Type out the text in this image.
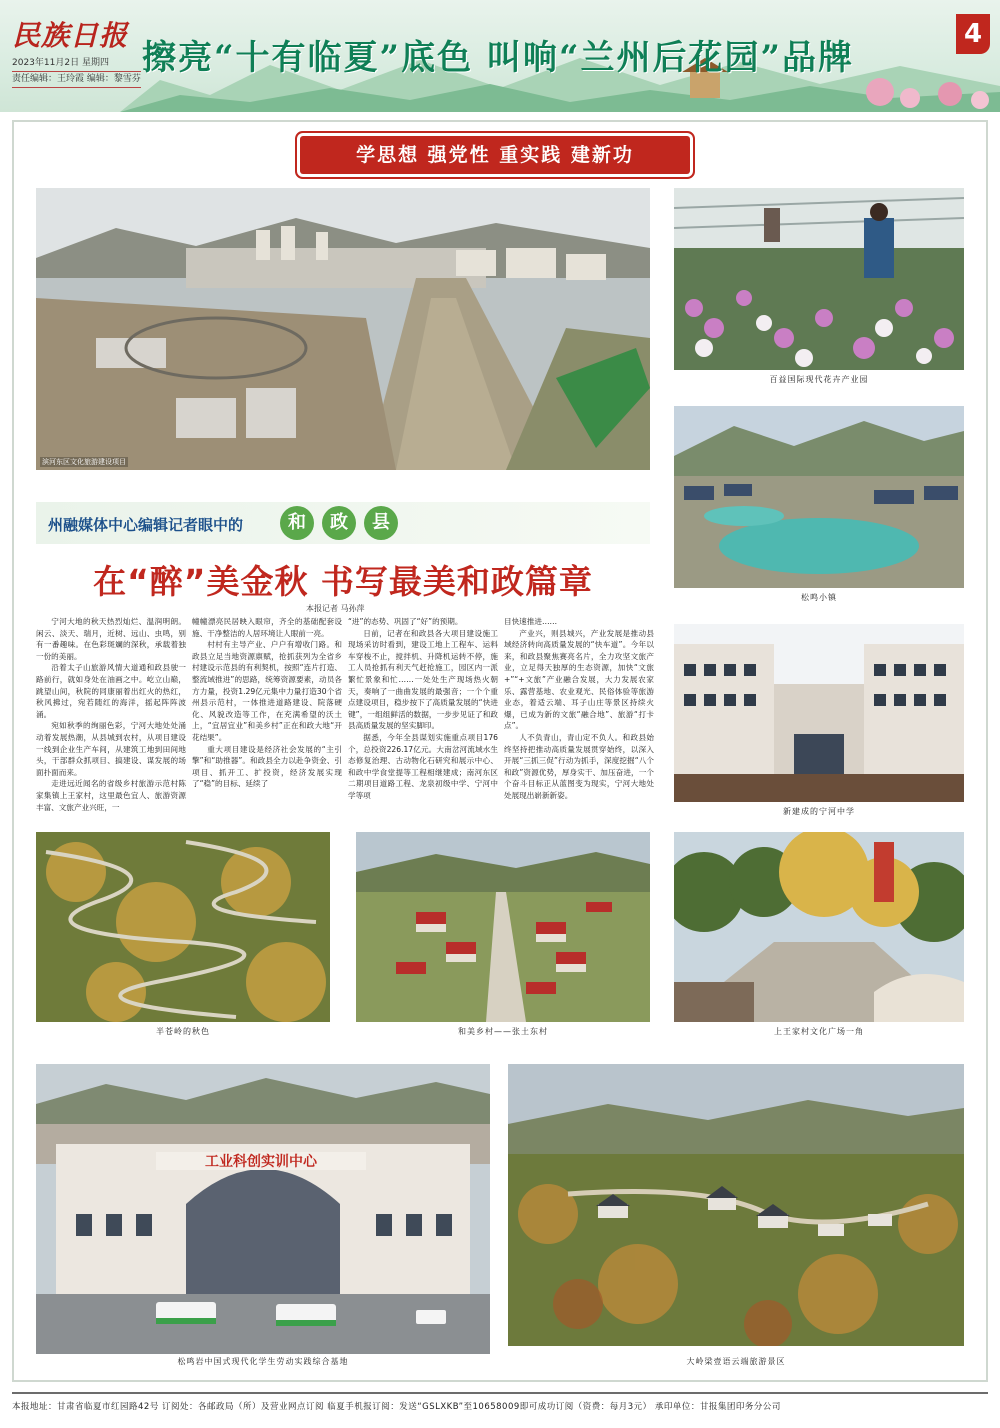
民族日报
2023年11月2日 星期四
责任编辑：王玲霞 编辑：黎雪芬
擦亮“十有临夏”底色 叫响“兰州后花园”品牌
4
学思想 强党性 重实践 建新功
滨河东区文化旅游建设项目
百益国际现代花卉产业园
松鸣小镇
新建成的宁河中学
州融媒体中心编辑记者眼中的	和	政	县
在“醉”美金秋 书写最美和政篇章
本报记者 马孙萍

宁河大地的秋天热烈灿烂、温润明朗。闲云、淡天、瑞月，近树、远山、虫鸣，别有一番趣味。在色彩斑斓的深秋，承载着独一份的美丽。

沿着太子山旅游风情大道通和政县驶一路前行，就如身处在油画之中。屹立山巅，跳望山间，秋院的同康丽着出红火的热红，秋风拂过，宛若随红的海洋，摇起阵阵波涌。

宛如秋季的绚丽色彩，宁河大地处处涌动着发展热潮，从县城到农村，从项目建设一线到企业生产车间，从建筑工地到田间地头，干部群众抓项目、搞建设、谋发展的场面扑面而来。

走进远近闻名的省级乡村旅游示范村陈家集镇上王家村，这里最色宜人、旅游资源丰富、文旅产业兴旺，一

幢幢漂亮民居映入眼帘，齐全的基础配套设施、干净整洁的人居环境让人眼前一亮。

村村有主导产业、户户有增收门路。和政县立足当地资源禀赋，抢抓获列为全省乡村建设示范县的有利契机，按照“连片打造、整流域推进”的思路，统筹资源要素，动员各方力量，投资1.29亿元集中力量打造30个省州县示范村，一体推进道路建设、院落硬化、风貌改造等工作，在充满希望的沃土上，“宜居宜业”和美乡村”正在和政大地“开花结果”。

重大项目建设是经济社会发展的“主引擎”和“助推器”。和政县全力以赴争资金、引项目、抓开工、扩投资，经济发展实现了“稳”的目标、延续了

“进”的态势、巩固了“好”的预期。

日前，记者在和政县各大项目建设施工现场采访时看到，建设工地上工程车、运料车穿梭不止，搅拌机、升降机运转不停，施工人员抢抓有利天气赶抢施工，园区内一派繁忙景象和忙……一处处生产现场热火朝天，奏响了一曲曲发展的最强音；一个个重点建设项目，稳步按下了高质量发展的“快进键”，一组组鲜活的数据，一步步见证了和政县高质量发展的坚实脚印。

据悉，今年全县谋划实施重点项目176个，总投资226.17亿元。大南岔河流域水生态修复治理、古动物化石研究和展示中心、和政中学食堂提等工程相继建成；南河东区二期项目道路工程、龙泉初级中学、宁河中学等项

目快速推进……

产业兴，则县城兴，产业发展是推动县域经济转向高质量发展的“快车道”。今年以来，和政县聚焦赛亮名片，全力攻坚文旅产业，立足得天独厚的生态资源，加快“文旅+”“+文旅”产业融合发展，大力发展农家乐、露营基地、农业观光、民俗体验等旅游业态，着适云端、耳子山庄等景区持续火爆，已成为新的文旅“融合地”、旅游“打卡点”。

人不负青山，青山定不负人。和政县始终坚持把推动高质量发展贯穿始终，以深入开展“三抓三促”行动为抓手，深度挖掘“八个和政”资源优势，厚身实干、加压奋进，一个个奋斗目标正从蓝图变为现实，宁河大地处处展现出崭新新姿。

半苍岭的秋色	和美乡村——张土东村	上王家村文化广场一角
工业科创实训中心
松鸣岩中国式现代化学生劳动实践综合基地	大岭梁壹语云端旅游景区
本报地址：甘肃省临夏市红园路42号 订阅处：各邮政局（所）及营业网点订阅 临夏手机报订阅：发送“GSLXKB”至10658009即可成功订阅（资费：每月3元） 承印单位：甘报集团印务分公司
